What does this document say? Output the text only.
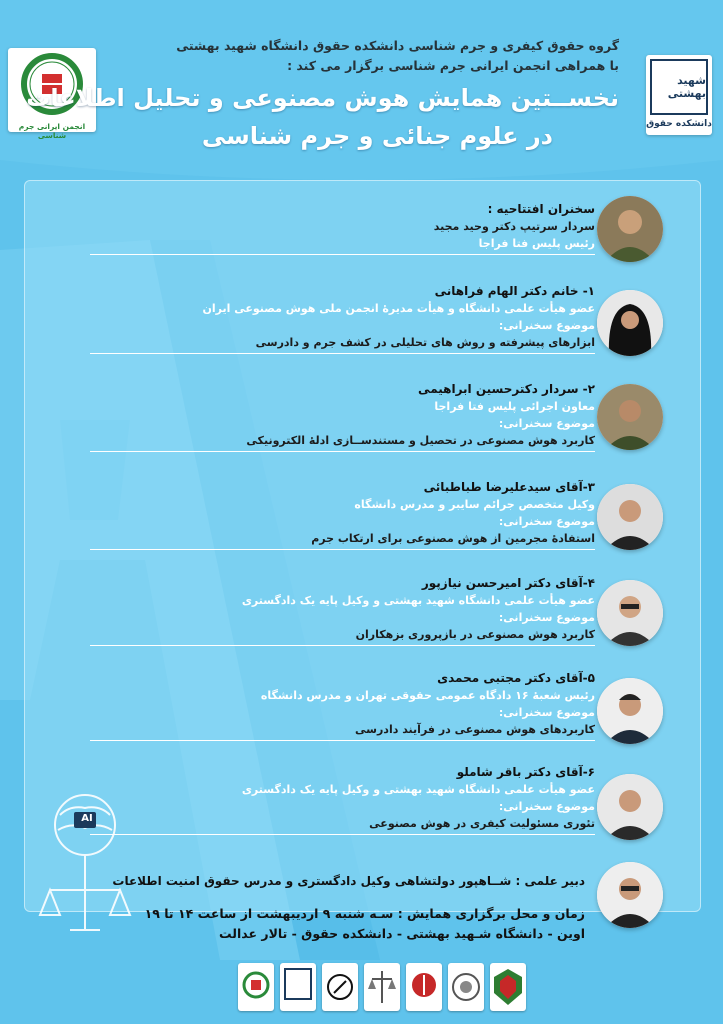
انجمن ایرانی جرم شناسی
شهید بهشتی
دانشکده حقوق
گروه حقوق کیفری و جرم شناسی دانشکده حقوق دانشگاه شهید بهشتی
با همراهی انجمن ایرانی جرم شناسی برگزار می کند :
نخســتین همایش هوش مصنوعی و تحلیل اطلاعات
در علوم جنائی و جرم شناسی
سخنران افتتاحیه :
سردار سرتیپ دکتر وحید مجید
رئیس پلیس فتا فراجا
۱- خانم دکتر الهام فراهانی
عضو هیأت علمی دانشگاه و هیأت مدیرۀ انجمن ملی هوش مصنوعی ایران
موضوع سخنرانی:
ابزارهای پیشرفته و روش های تحلیلی در کشف جرم و دادرسی
۲- سردار دکترحسین ابراهیمی
معاون اجرائی پلیس فتا فراجا
موضوع سخنرانی:
کاربرد هوش مصنوعی در تحصیل و مستندســازی ادلۀ الکترونیکی
۳-آقای سیدعلیرضا طباطبائی
وکیل متخصص جرائم سایبر و مدرس دانشگاه
موضوع سخنرانی:
استفادۀ مجرمین از هوش مصنوعی برای ارتکاب جرم
۴-آقای دکتر امیرحسن نیازپور
عضو هیأت علمی دانشگاه شهید بهشتی و وکیل پایه یک دادگستری
موضوع سخنرانی:
کاربرد هوش مصنوعی در بازپروری بزهکاران
۵-آقای دکتر مجتبی محمدی
رئیس شعبۀ ۱۶ دادگاه عمومی حقوقی تهران و مدرس دانشگاه
موضوع سخنرانی:
کاربردهای هوش مصنوعی در فرآیند دادرسی
۶-آقای دکتر باقر شاملو
عضو هیأت علمی دانشگاه شهید بهشتی و وکیل پایه یک دادگستری
موضوع سخنرانی:
تئوری مسئولیت کیفری در هوش مصنوعی
دبیر علمی : شــاهپور دولتشاهی وکیل دادگستری و مدرس حقوق امنیت اطلاعات
زمان و محل برگزاری همایش : سـه شنبه ۹ اردیبهشت از ساعت ۱۴ تا ۱۹
اوین - دانشگاه شـهید بهشتی - دانشکده حقوق - تالار عدالت
AI
